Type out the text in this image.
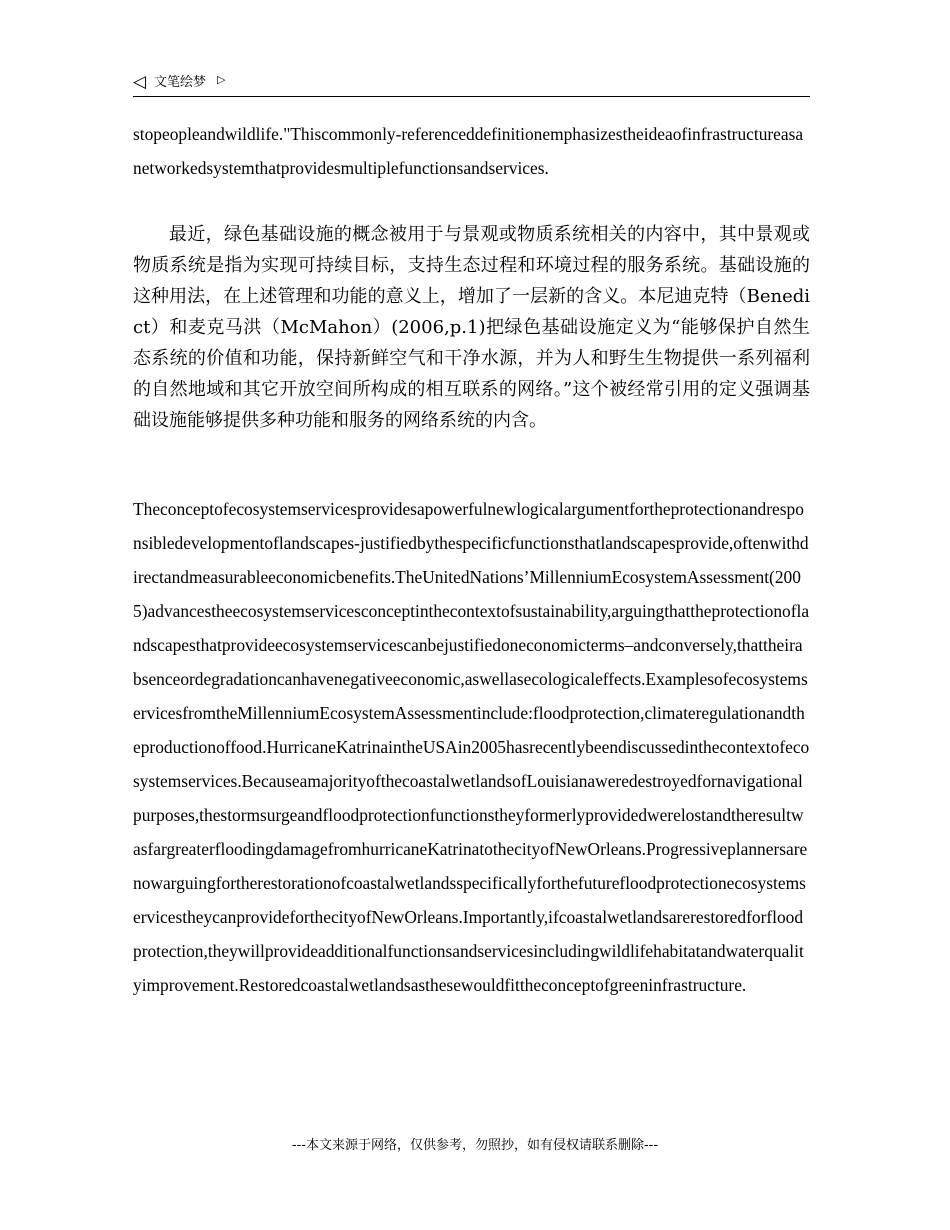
◁ 文笔绘梦 ▷
stopeopleandwildlife."Thiscommonly-referenceddefinitionemphasizestheideaofinfrastructureasanetworkedsystemthatprovidesmultiplefunctionsandservices.
最近，绿色基础设施的概念被用于与景观或物质系统相关的内容中，其中景观或物质系统是指为实现可持续目标，支持生态过程和环境过程的服务系统。基础设施的这种用法，在上述管理和功能的意义上，增加了一层新的含义。本尼迪克特（Benedict）和麦克马洪（McMahon）(2006,p.1)把绿色基础设施定义为“能够保护自然生态系统的价值和功能，保持新鲜空气和干净水源，并为人和野生生物提供一系列福利的自然地域和其它开放空间所构成的相互联系的网络。”这个被经常引用的定义强调基础设施能够提供多种功能和服务的网络系统的内含。
Theconceptofecosystemservicesprovidesapowerfulnewlogicalargumentfortheprotectionandresponsibledevelopmentoflandscapes-justifiedbythespecificfunctionsthatlandscapesprovide,oftenwithdirectandmeasurableeconomicbenefits.TheUnitedNations’MillenniumEcosystemAssessment(2005)advancestheecosystemservicesconceptinthecontextofsustainability,arguingthattheprotectionoflandscapesthatprovideecosystemservicescanbejustifiedoneconomicterms–andconversely,thattheirabsenceordegradationcanhavenegativeeconomic,aswellasecologicaleffects.ExamplesofecosystemservicesfromtheMillenniumEcosystemAssessmentinclude:floodprotection,climateregulationandtheproductionoffood.HurricaneKatrinaintheUSAin2005hasrecentlybeendiscussedinthecontextofecosystemservices.BecauseamajorityofthecoastalwetlandsofLouisianaweredestroyedfornavigationalpurposes,thestormsurgeandfloodprotectionfunctionstheyformerlyprovidedwerelostandtheresultwasfargreaterfloodingdamagefromhurricaneKatrinatothecityofNewOrleans.ProgressiveplannersarenowarguingfortherestorationofcoastalwetlandsspecificallyforthefuturefloodprotectionecosystemservicestheycanprovideforthecityofNewOrleans.Importantly,ifcoastalwetlandsarerestoredforfloodprotection,theywillprovideadditionalfunctionsandservicesincludingwildlifehabitatandwaterqualityimprovement.Restoredcoastalwetlandsasthesewouldfittheconceptofgreeninfrastructure.
---本文来源于网络，仅供参考，勿照抄，如有侵权请联系删除---
